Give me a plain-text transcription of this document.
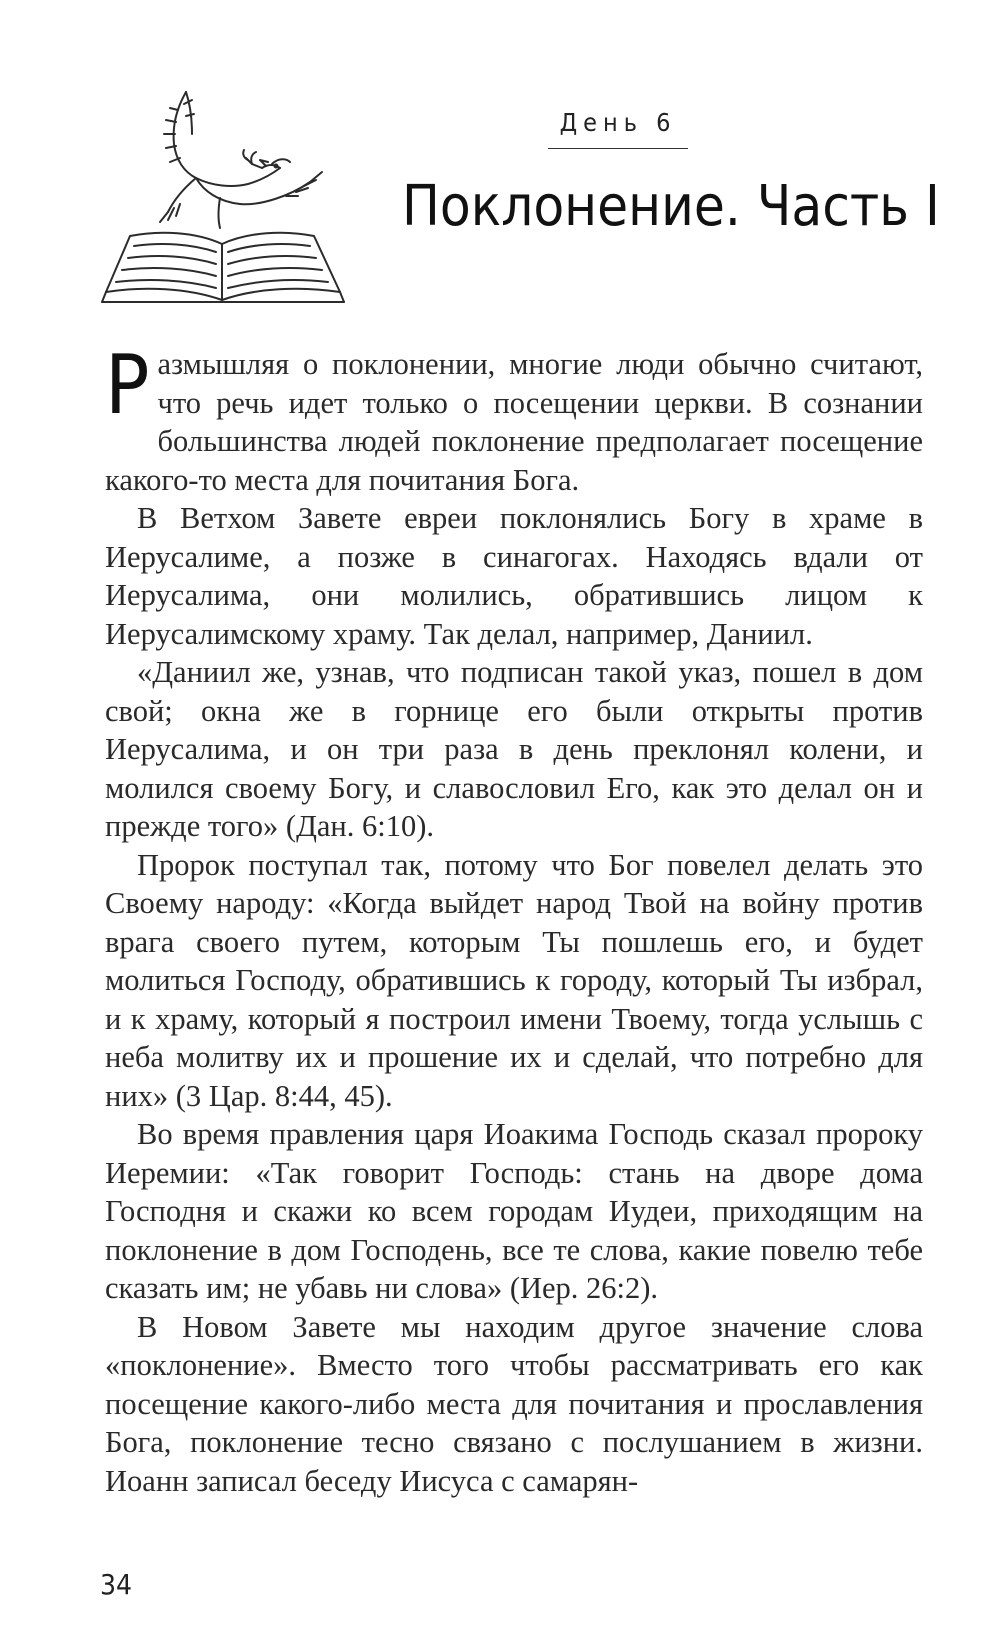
День 6
Поклонение. Часть I

Размышляя о поклонении, многие люди обычно считают, что речь идет только о посещении церкви. В сознании большинства людей поклонение предполагает посещение какого-то места для почитания Бога.

В Ветхом Завете евреи поклонялись Богу в храме в Иерусалиме, а позже в синагогах. Находясь вдали от Иерусалима, они молились, обратившись лицом к Иерусалимскому храму. Так делал, например, Даниил.

«Даниил же, узнав, что подписан такой указ, пошел в дом свой; окна же в горнице его были открыты против Иерусалима, и он три раза в день преклонял колени, и молился своему Богу, и славословил Его, как это делал он и прежде того» (Дан. 6:10).

Пророк поступал так, потому что Бог повелел делать это Своему народу: «Когда выйдет народ Твой на войну против врага своего путем, которым Ты пошлешь его, и будет молиться Господу, обратившись к городу, который Ты избрал, и к храму, который я построил имени Твоему, тогда услышь с неба молитву их и прошение их и сделай, что потребно для них» (3 Цар. 8:44, 45).

Во время правления царя Иоакима Господь сказал пророку Иеремии: «Так говорит Господь: стань на дворе дома Господня и скажи ко всем городам Иудеи, приходящим на поклонение в дом Господень, все те слова, какие повелю тебе сказать им; не убавь ни слова» (Иер. 26:2).

В Новом Завете мы находим другое значение слова «поклонение». Вместо того чтобы рассматривать его как посещение какого-либо места для почитания и прославления Бога, поклонение тесно связано с послушанием в жизни. Иоанн записал беседу Иисуса с самарян-

34
